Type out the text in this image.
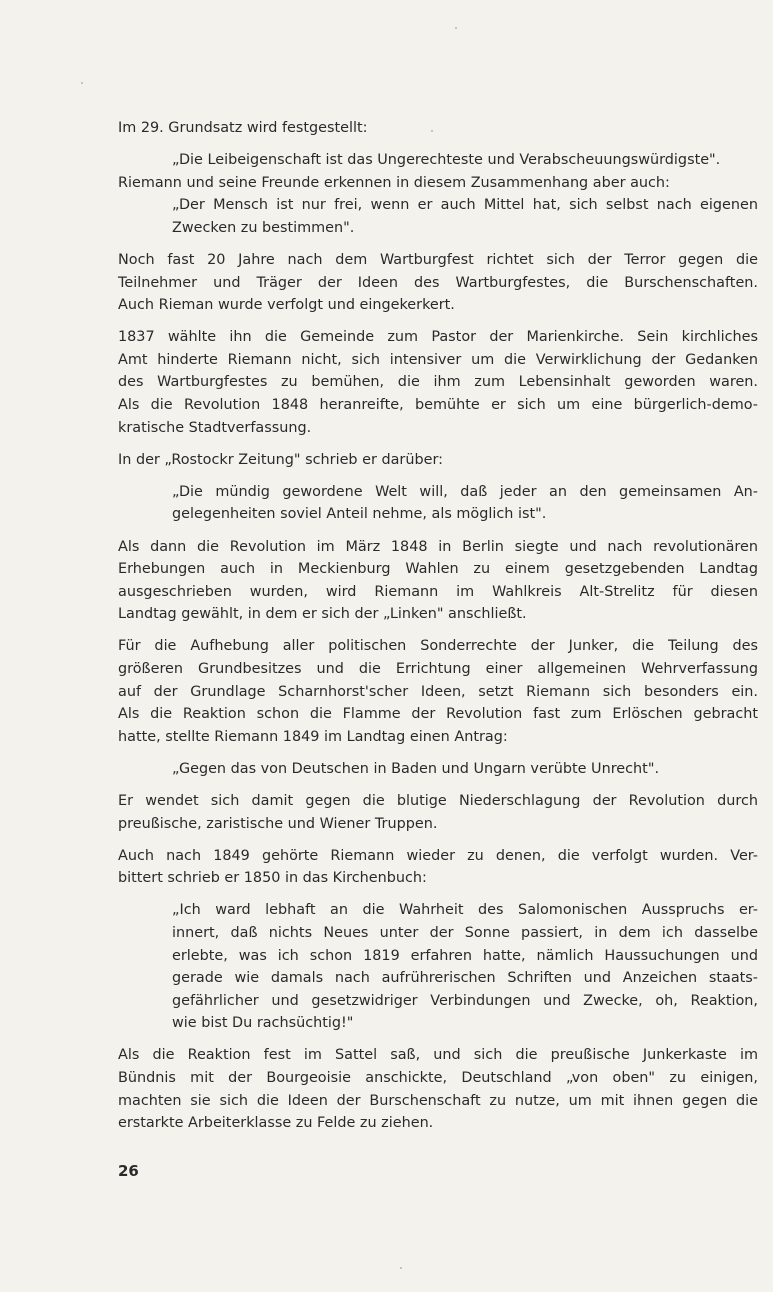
Im 29. Grundsatz wird festgestellt:
„Die Leibeigenschaft ist das Ungerechteste und Verabscheuungswürdigste".
Riemann und seine Freunde erkennen in diesem Zusammenhang aber auch:
„Der Mensch ist nur frei, wenn er auch Mittel hat, sich selbst nach eigenen
Zwecken zu bestimmen".
Noch fast 20 Jahre nach dem Wartburgfest richtet sich der Terror gegen die
Teilnehmer und Träger der Ideen des Wartburgfestes, die Burschenschaften.
Auch Rieman wurde verfolgt und eingekerkert.
1837 wählte ihn die Gemeinde zum Pastor der Marienkirche. Sein kirchliches
Amt hinderte Riemann nicht, sich intensiver um die Verwirklichung der Gedanken
des Wartburgfestes zu bemühen, die ihm zum Lebensinhalt geworden waren.
Als die Revolution 1848 heranreifte, bemühte er sich um eine bürgerlich-demo-
kratische Stadtverfassung.
In der „Rostockr Zeitung" schrieb er darüber:
„Die mündig gewordene Welt will, daß jeder an den gemeinsamen An-
gelegenheiten soviel Anteil nehme, als möglich ist".
Als dann die Revolution im März 1848 in Berlin siegte und nach revolutionären
Erhebungen auch in Meckienburg Wahlen zu einem gesetzgebenden Landtag
ausgeschrieben wurden, wird Riemann im Wahlkreis Alt-Strelitz für diesen
Landtag gewählt, in dem er sich der „Linken" anschließt.
Für die Aufhebung aller politischen Sonderrechte der Junker, die Teilung des
größeren Grundbesitzes und die Errichtung einer allgemeinen Wehrverfassung
auf der Grundlage Scharnhorst'scher Ideen, setzt Riemann sich besonders ein.
Als die Reaktion schon die Flamme der Revolution fast zum Erlöschen gebracht
hatte, stellte Riemann 1849 im Landtag einen Antrag:
„Gegen das von Deutschen in Baden und Ungarn verübte Unrecht".
Er wendet sich damit gegen die blutige Niederschlagung der Revolution durch
preußische, zaristische und Wiener Truppen.
Auch nach 1849 gehörte Riemann wieder zu denen, die verfolgt wurden. Ver-
bittert schrieb er 1850 in das Kirchenbuch:
„Ich ward lebhaft an die Wahrheit des Salomonischen Ausspruchs er-
innert, daß nichts Neues unter der Sonne passiert, in dem ich dasselbe
erlebte, was ich schon 1819 erfahren hatte, nämlich Haussuchungen und
gerade wie damals nach aufrührerischen Schriften und Anzeichen staats-
gefährlicher und gesetzwidriger Verbindungen und Zwecke, oh, Reaktion,
wie bist Du rachsüchtig!"
Als die Reaktion fest im Sattel saß, und sich die preußische Junkerkaste im
Bündnis mit der Bourgeoisie anschickte, Deutschland „von oben" zu einigen,
machten sie sich die Ideen der Burschenschaft zu nutze, um mit ihnen gegen die
erstarkte Arbeiterklasse zu Felde zu ziehen.
26
